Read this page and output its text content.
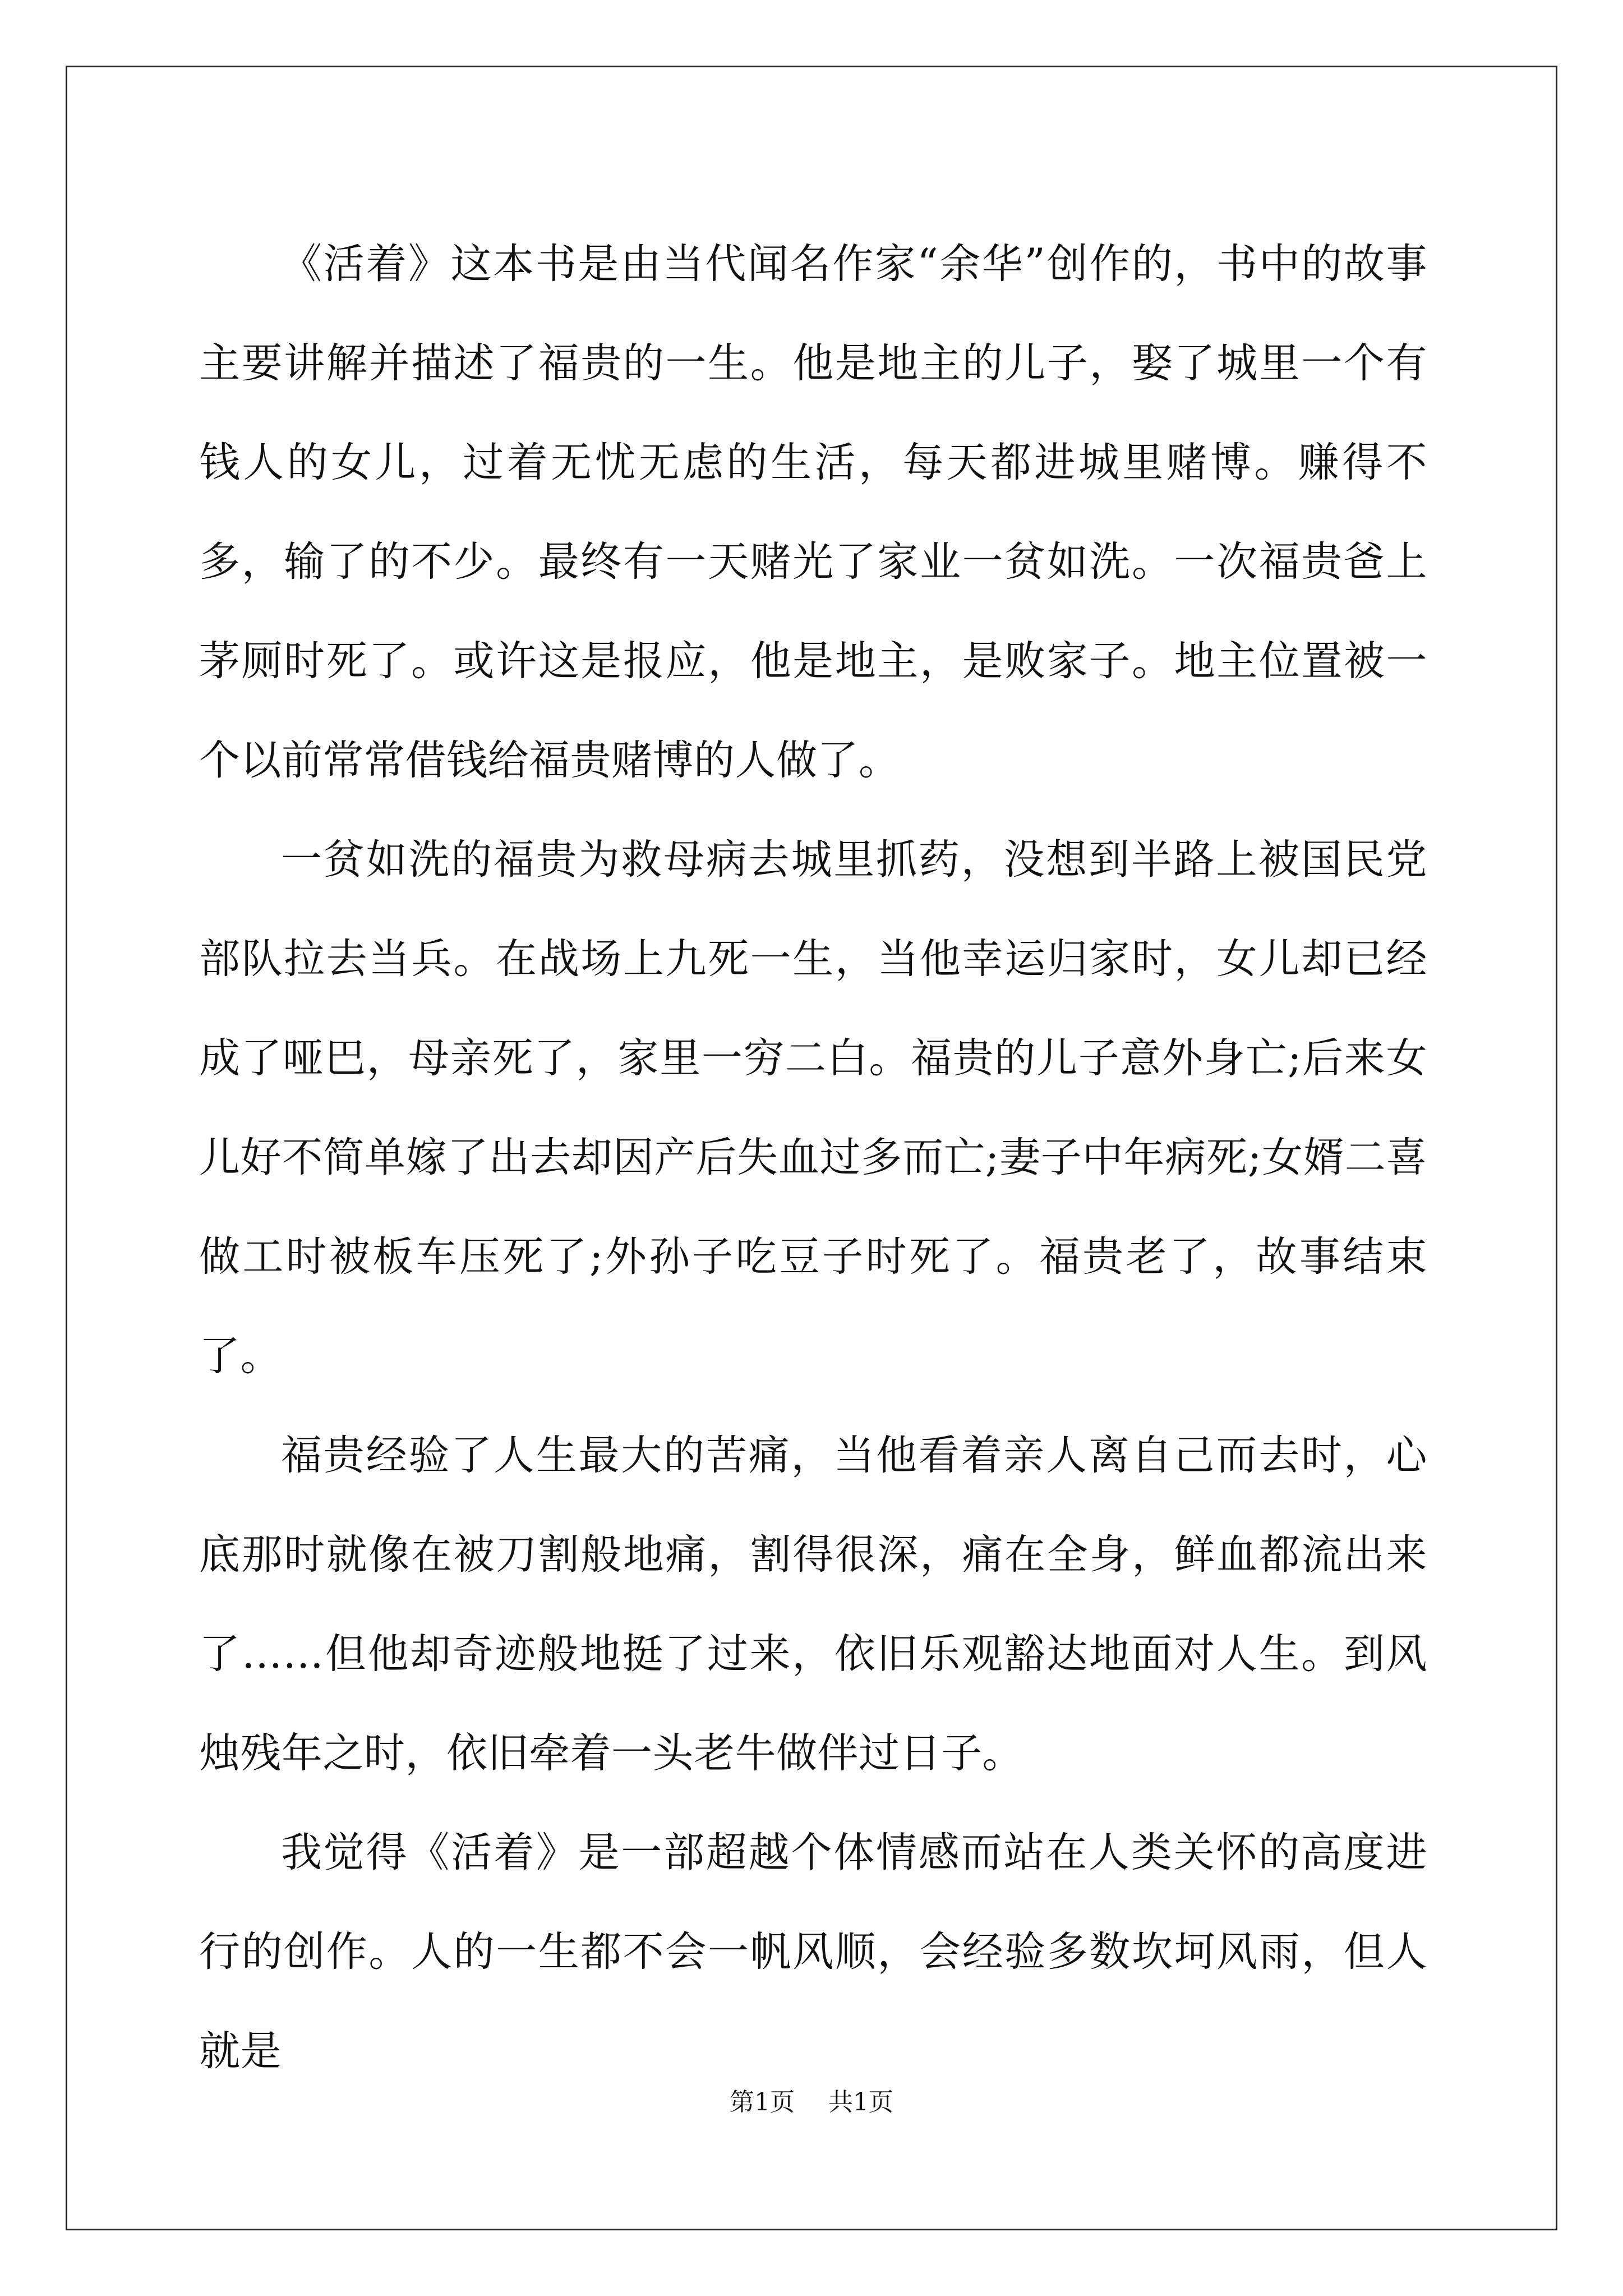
《活着》这本书是由当代闻名作家“余华”创作的，书中的故事主要讲解并描述了福贵的一生。他是地主的儿子，娶了城里一个有钱人的女儿，过着无忧无虑的生活，每天都进城里赌博。赚得不多，输了的不少。最终有一天赌光了家业一贫如洗。一次福贵爸上茅厕时死了。或许这是报应，他是地主，是败家子。地主位置被一个以前常常借钱给福贵赌博的人做了。

一贫如洗的福贵为救母病去城里抓药，没想到半路上被国民党部队拉去当兵。在战场上九死一生，当他幸运归家时，女儿却已经成了哑巴，母亲死了，家里一穷二白。福贵的儿子意外身亡;后来女儿好不简单嫁了出去却因产后失血过多而亡;妻子中年病死;女婿二喜做工时被板车压死了;外孙子吃豆子时死了。福贵老了，故事结束了。

福贵经验了人生最大的苦痛，当他看着亲人离自己而去时，心底那时就像在被刀割般地痛，割得很深，痛在全身，鲜血都流出来了……但他却奇迹般地挺了过来，依旧乐观豁达地面对人生。到风烛残年之时，依旧牵着一头老牛做伴过日子。

我觉得《活着》是一部超越个体情感而站在人类关怀的高度进行的创作。人的一生都不会一帆风顺，会经验多数坎坷风雨，但人就是

第1页 共1页
